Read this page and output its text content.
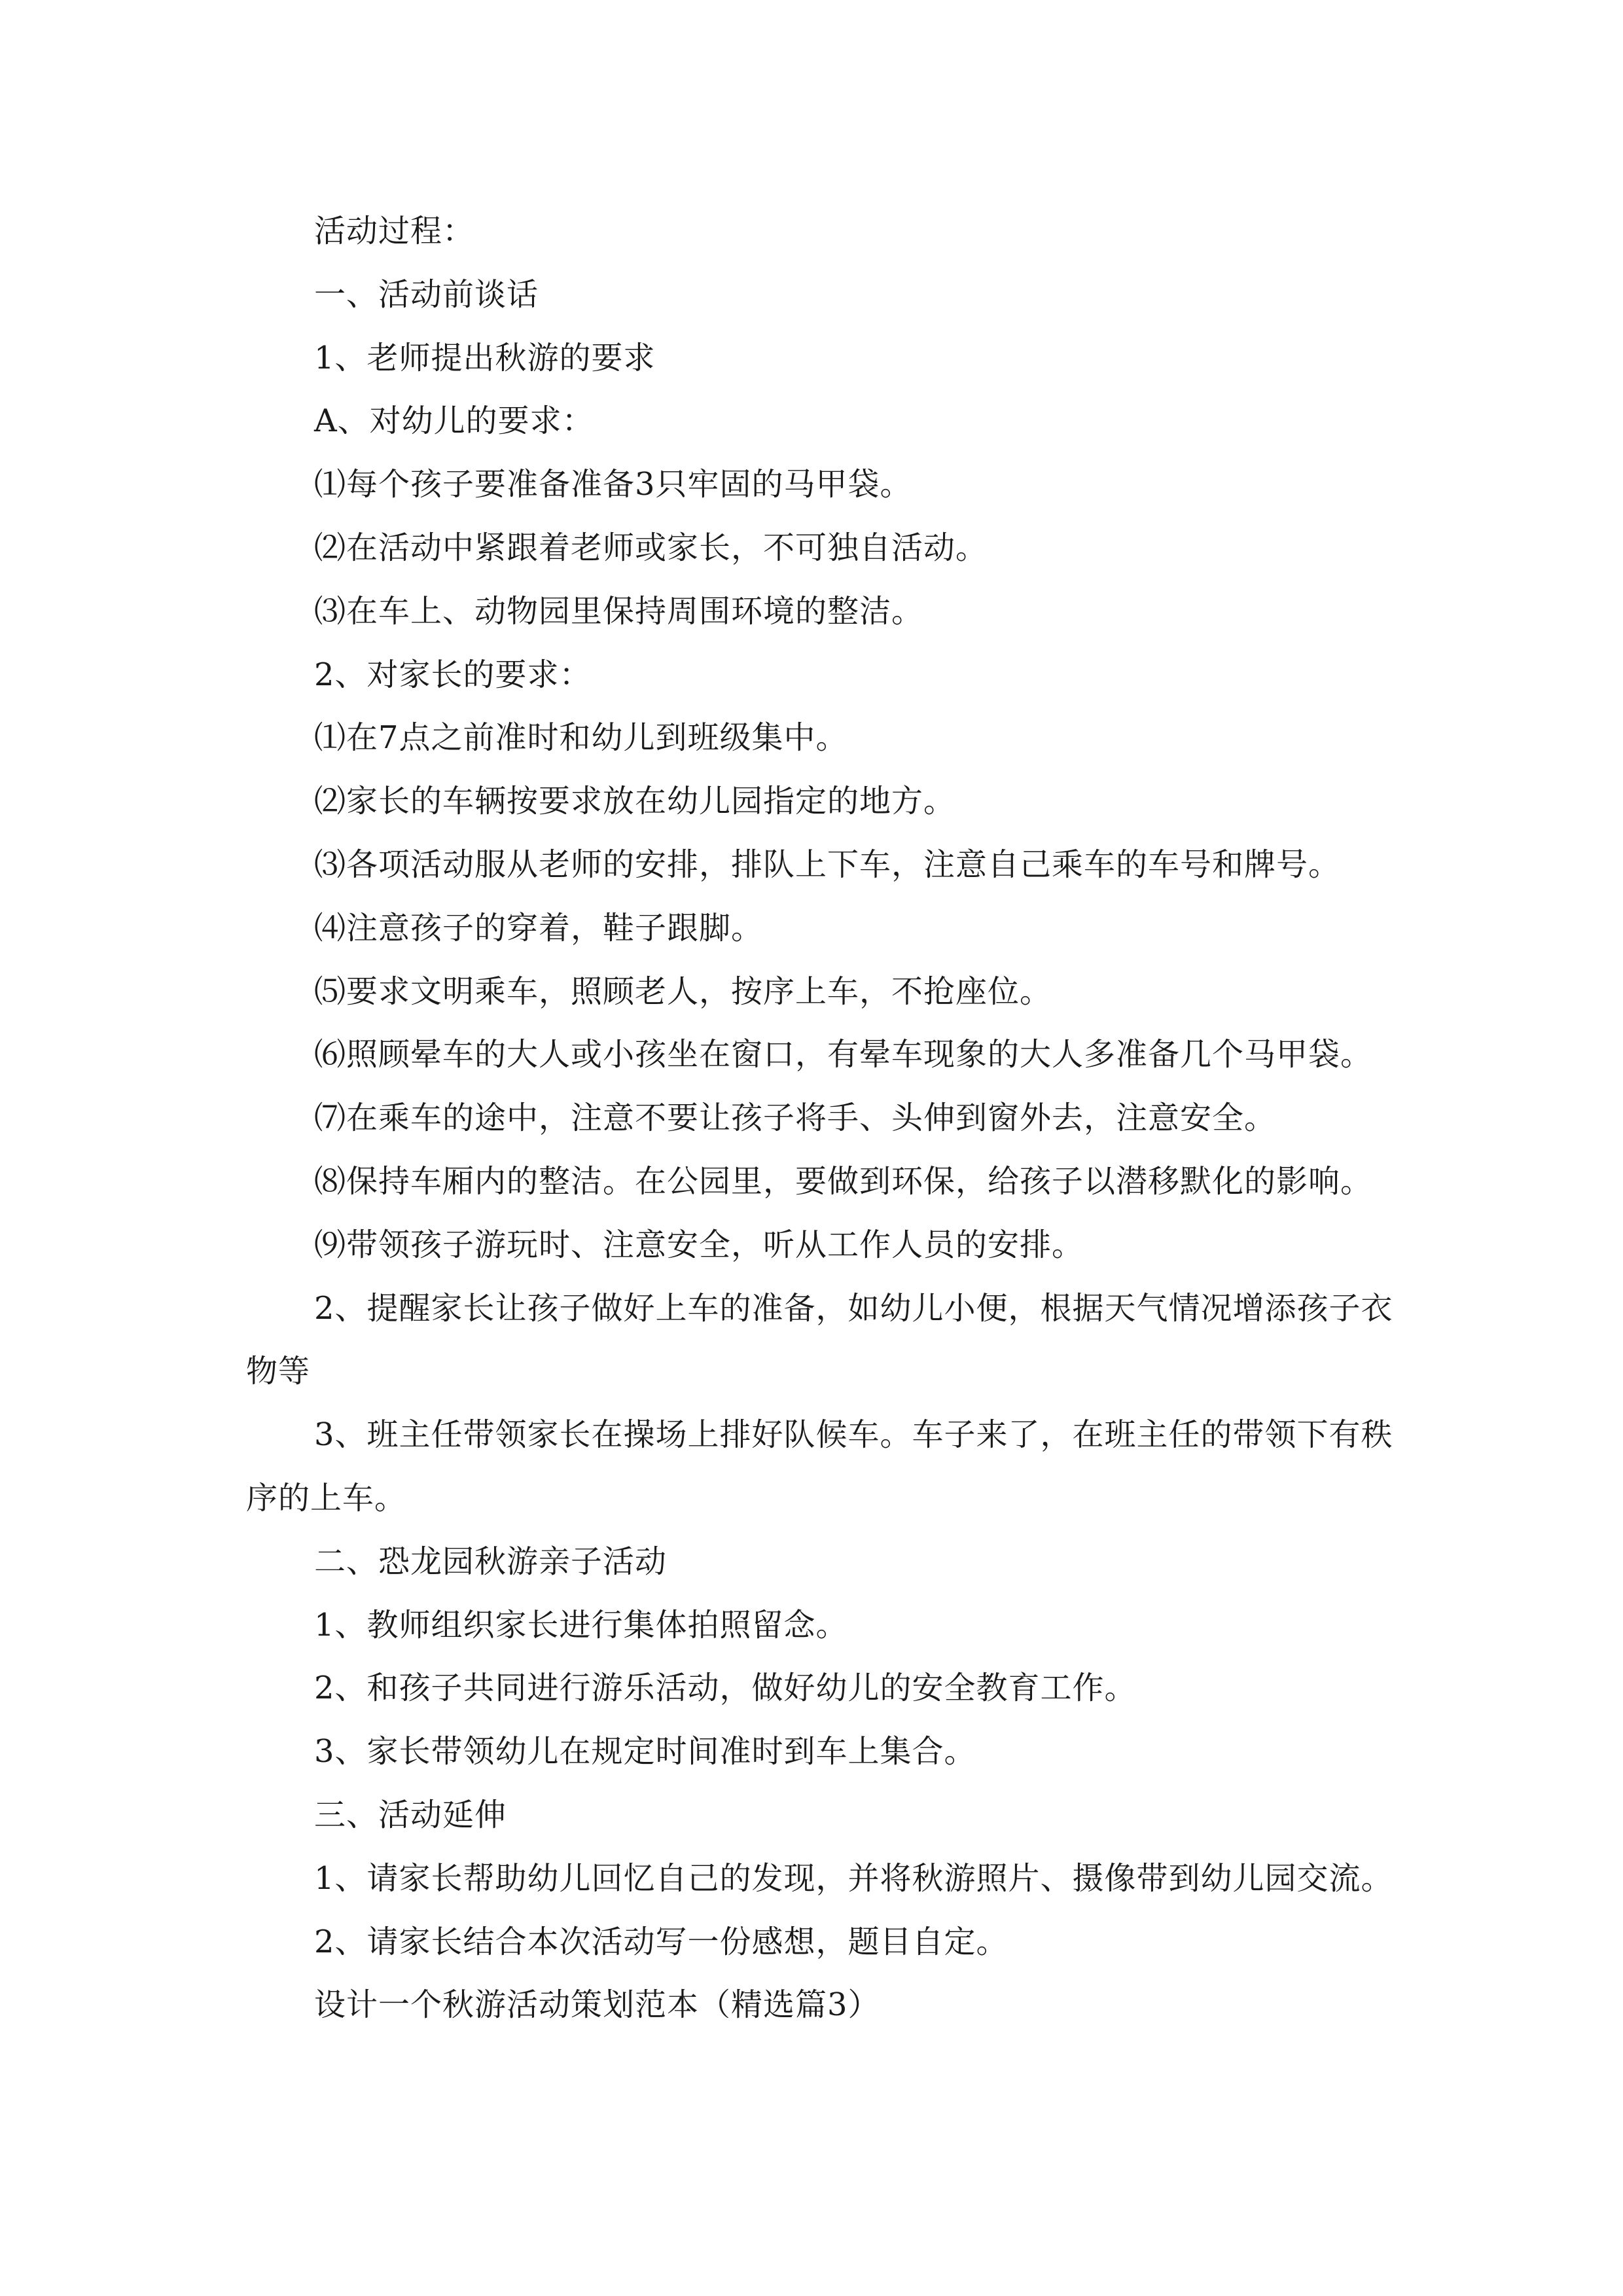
活动过程：
一、活动前谈话
1、老师提出秋游的要求
A、对幼儿的要求：
⑴每个孩子要准备准备3只牢固的马甲袋。
⑵在活动中紧跟着老师或家长，不可独自活动。
⑶在车上、动物园里保持周围环境的整洁。
2、对家长的要求：
⑴在7点之前准时和幼儿到班级集中。
⑵家长的车辆按要求放在幼儿园指定的地方。
⑶各项活动服从老师的安排，排队上下车，注意自己乘车的车号和牌号。
⑷注意孩子的穿着，鞋子跟脚。
⑸要求文明乘车，照顾老人，按序上车，不抢座位。
⑹照顾晕车的大人或小孩坐在窗口，有晕车现象的大人多准备几个马甲袋。
⑺在乘车的途中，注意不要让孩子将手、头伸到窗外去，注意安全。
⑻保持车厢内的整洁。在公园里，要做到环保，给孩子以潜移默化的影响。
⑼带领孩子游玩时、注意安全，听从工作人员的安排。
2、提醒家长让孩子做好上车的准备，如幼儿小便，根据天气情况增添孩子衣物等
3、班主任带领家长在操场上排好队候车。车子来了，在班主任的带领下有秩序的上车。
二、恐龙园秋游亲子活动
1、教师组织家长进行集体拍照留念。
2、和孩子共同进行游乐活动，做好幼儿的安全教育工作。
3、家长带领幼儿在规定时间准时到车上集合。
三、活动延伸
1、请家长帮助幼儿回忆自己的发现，并将秋游照片、摄像带到幼儿园交流。
2、请家长结合本次活动写一份感想，题目自定。
设计一个秋游活动策划范本（精选篇3）
